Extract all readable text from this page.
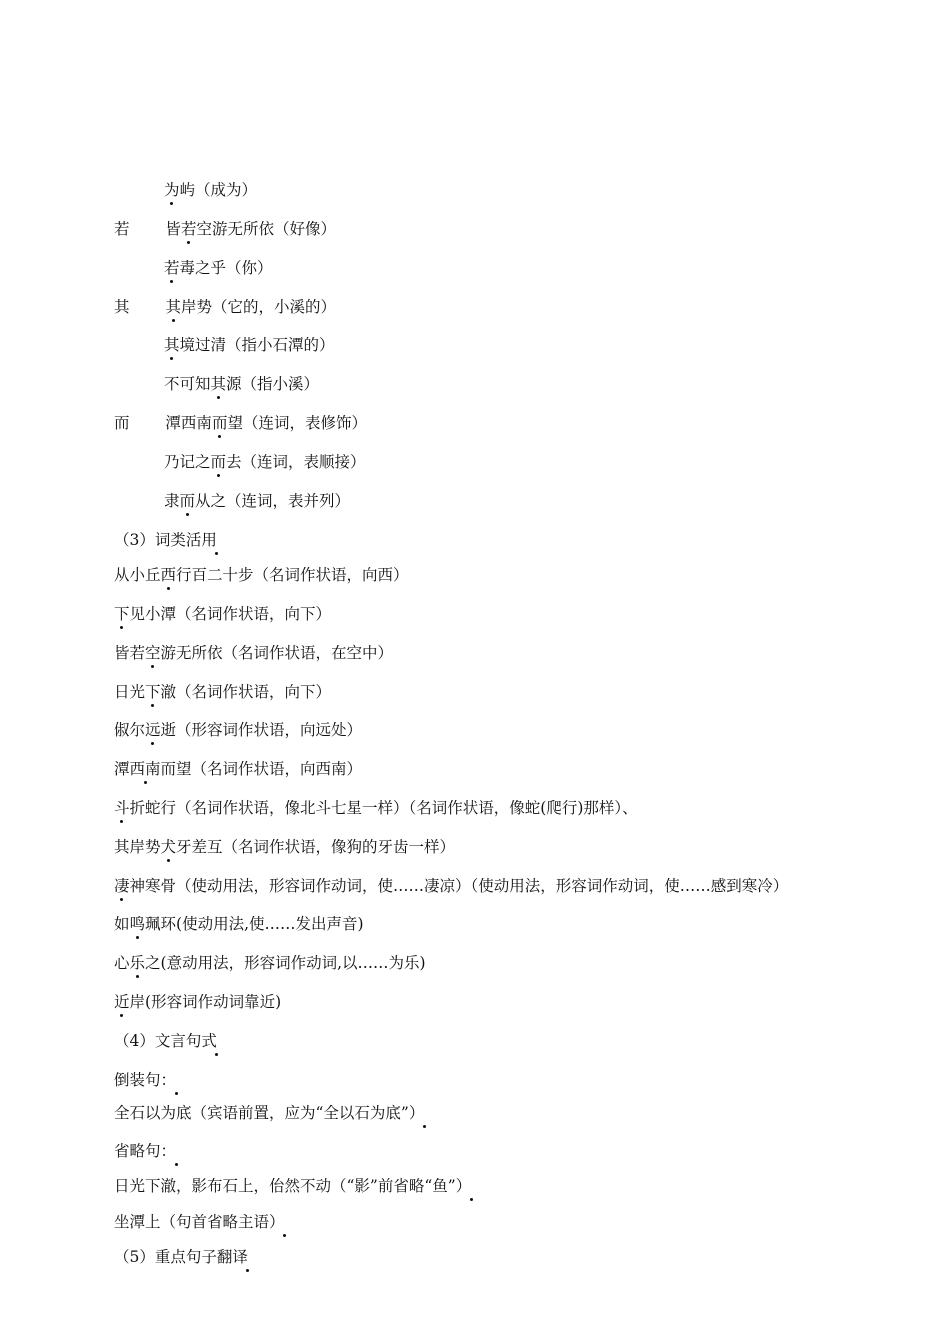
为屿（成为）
若　　 皆若空游无所依（好像）
若毒之乎（你）
其　　 其岸势（它的，小溪的）
其境过清（指小石潭的）
不可知其源（指小溪）
而　　 潭西南而望（连词，表修饰）
乃记之而去（连词，表顺接）
隶而从之（连词，表并列）
（3）词类活用
从小丘西行百二十步（名词作状语，向西）
下见小潭（名词作状语，向下）
皆若空游无所依（名词作状语，在空中）
日光下澈（名词作状语，向下）
俶尔远逝（形容词作状语，向远处）
潭西南而望（名词作状语，向西南）
斗折蛇行（名词作状语，像北斗七星一样）（名词作状语，像蛇(爬行)那样）、
其岸势犬牙差互（名词作状语，像狗的牙齿一样）
凄神寒骨（使动用法，形容词作动词，使……凄凉）（使动用法，形容词作动词，使……感到寒冷）
如鸣珮环(使动用法,使……发出声音)
心乐之(意动用法，形容词作动词,以……为乐)
近岸(形容词作动词靠近)
（4）文言句式
倒装句：
全石以为底（宾语前置，应为“全以石为底”）
省略句：
日光下澈，影布石上，佁然不动（“影”前省略“鱼”）
坐潭上（句首省略主语）
（5）重点句子翻译
